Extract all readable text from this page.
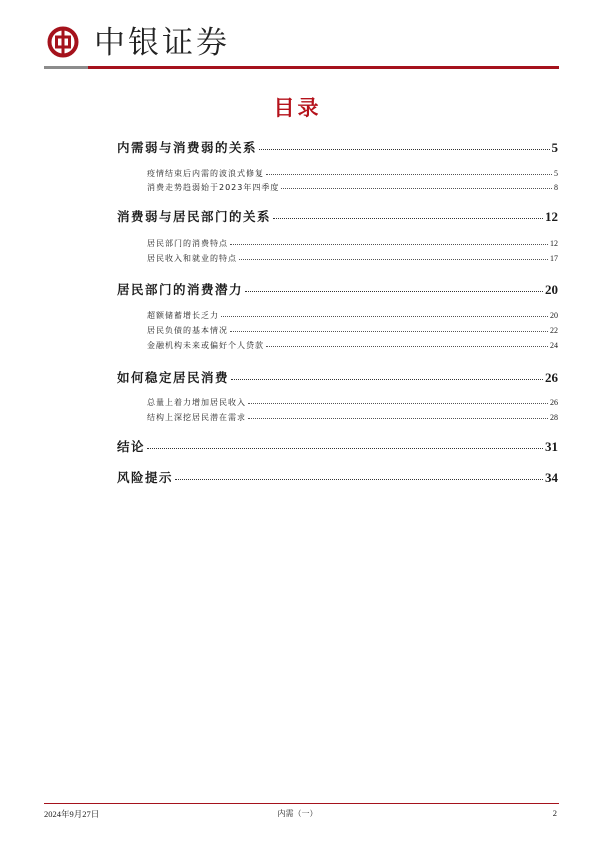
中银证券
目录
内需弱与消费弱的关系	5
疫情结束后内需的波浪式修复	5
消费走势趋弱始于2023年四季度	8
消费弱与居民部门的关系	12
居民部门的消费特点	12
居民收入和就业的特点	17
居民部门的消费潜力	20
超额储蓄增长乏力	20
居民负债的基本情况	22
金融机构未来或偏好个人贷款	24
如何稳定居民消费	26
总量上着力增加居民收入	26
结构上深挖居民潜在需求	28
结论	31
风险提示	34
2024年9月27日	内需（一）	2
